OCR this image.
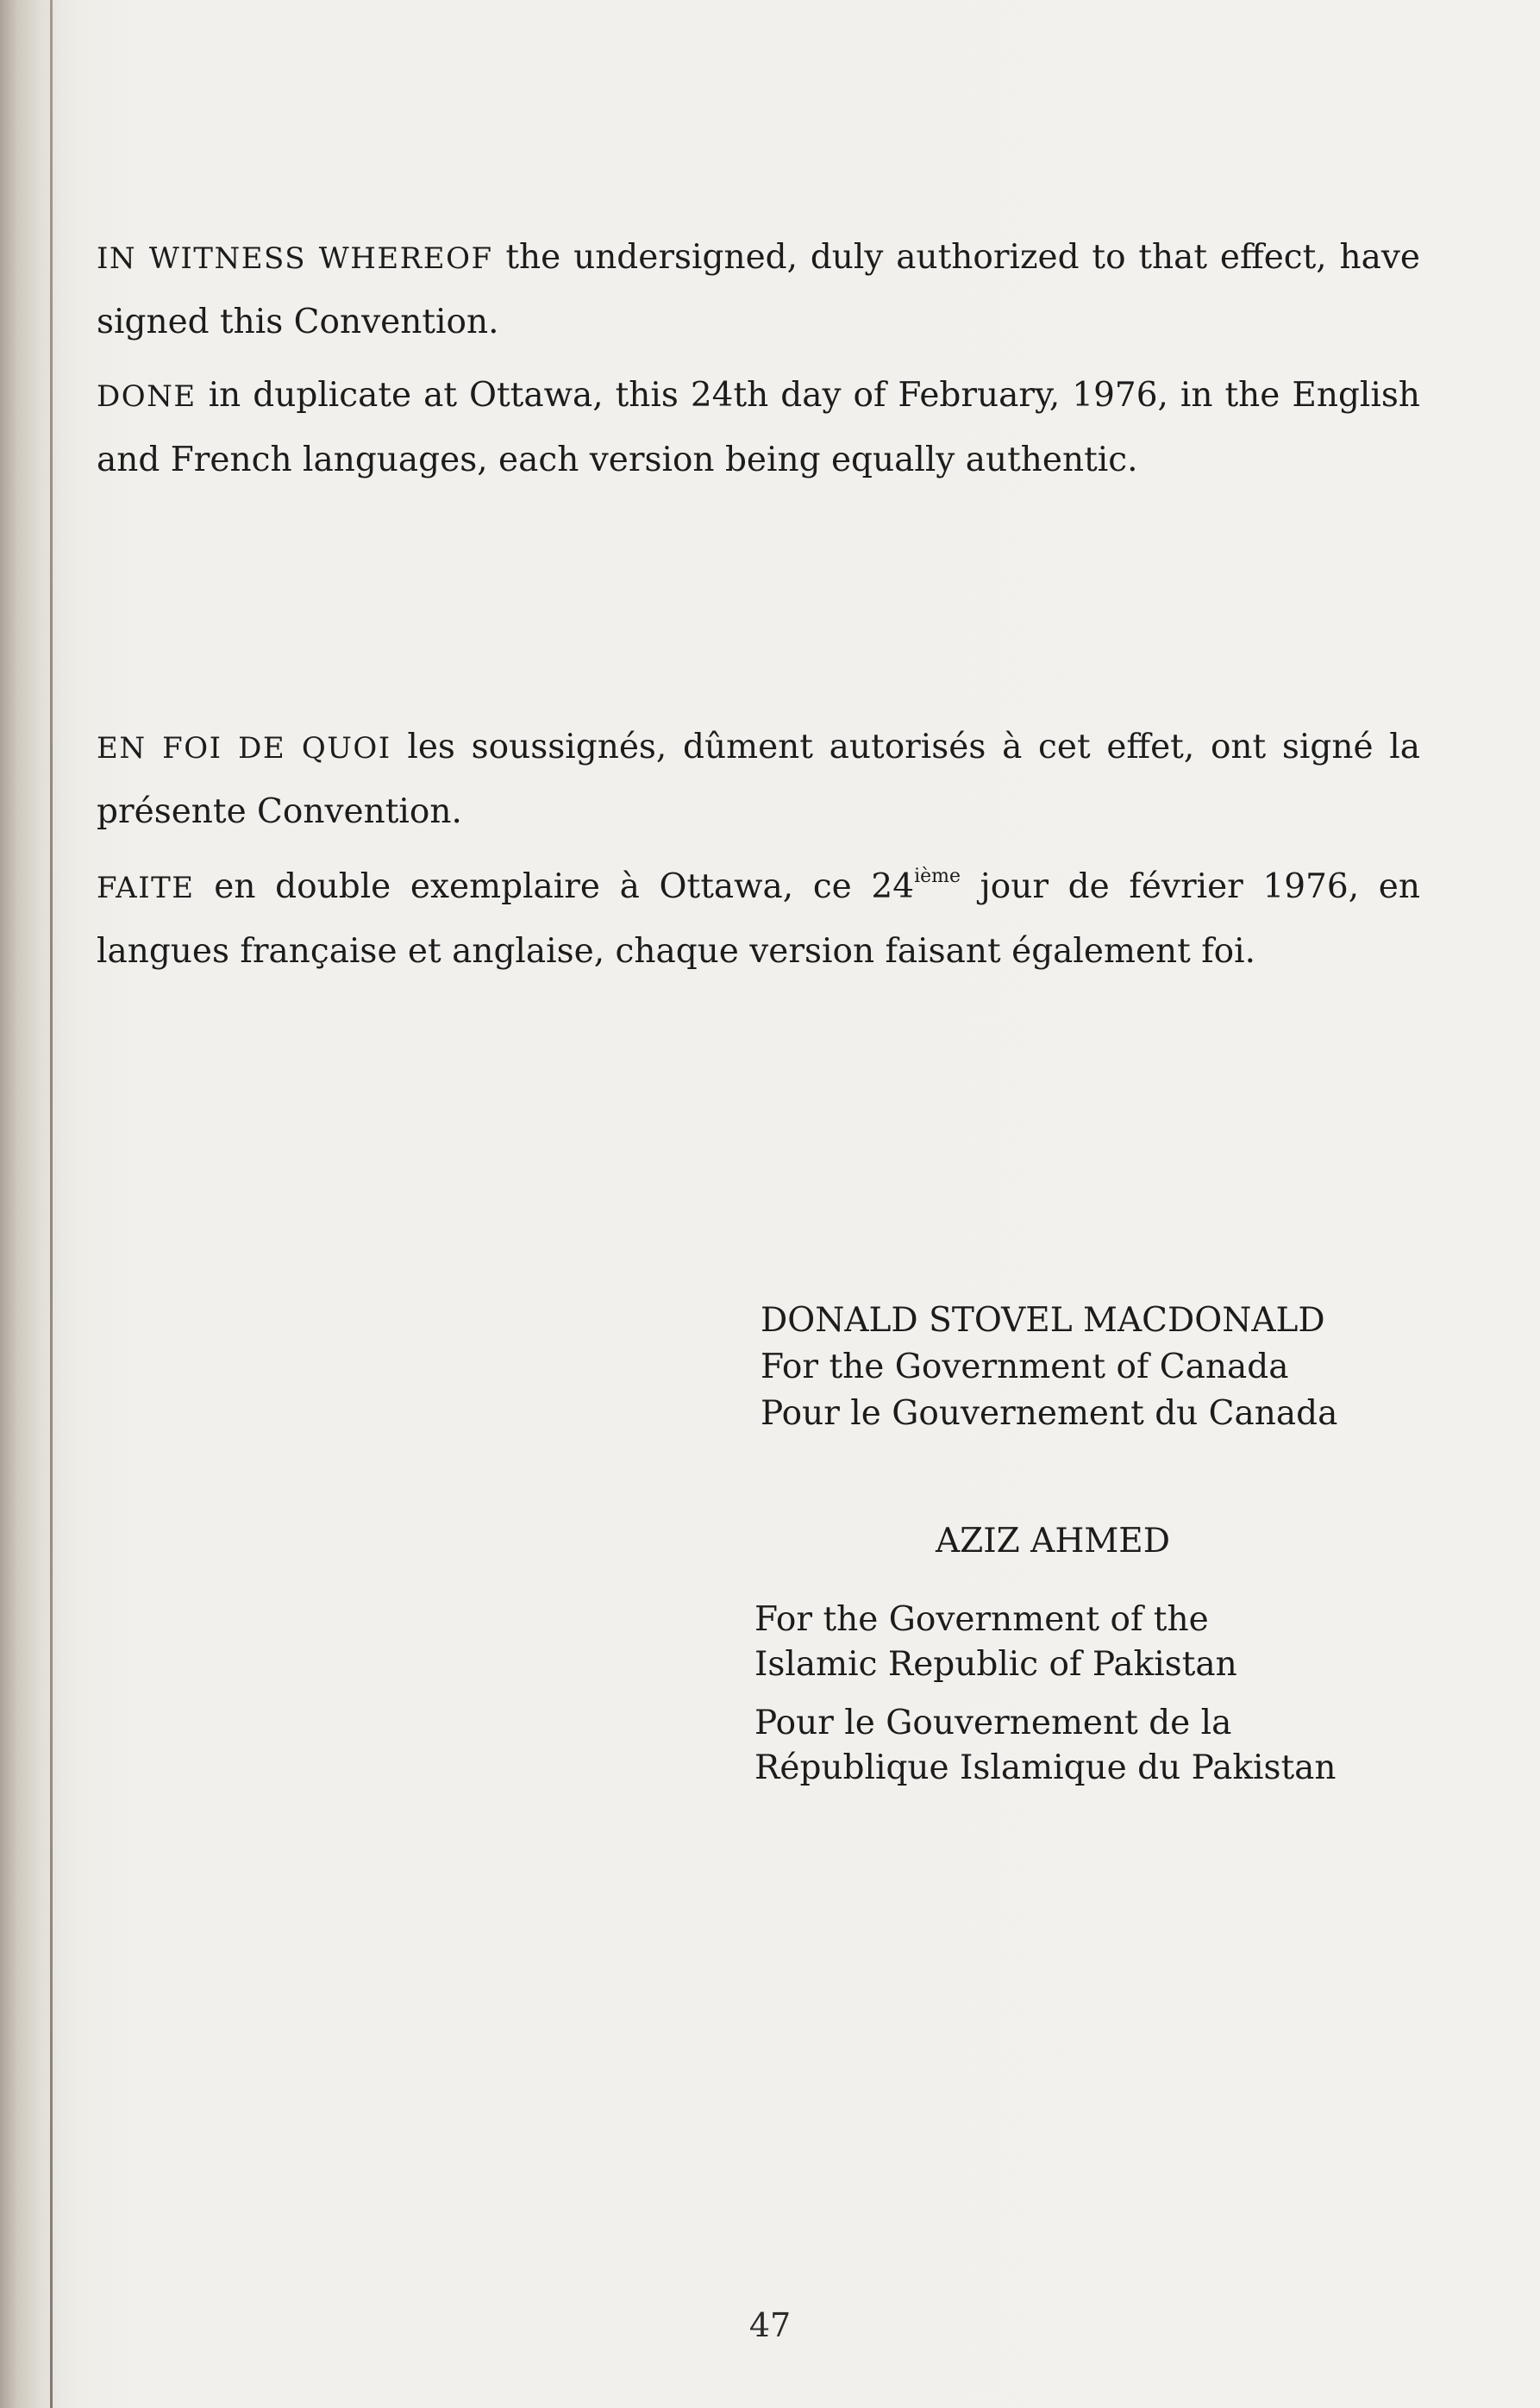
IN WITNESS WHEREOF the undersigned, duly authorized to that effect, have signed this Convention.

DONE in duplicate at Ottawa, this 24th day of February, 1976, in the English and French languages, each version being equally authentic.

EN FOI DE QUOI les soussignés, dûment autorisés à cet effet, ont signé la présente Convention.

FAITE en double exemplaire à Ottawa, ce 24ième jour de février 1976, en langues française et anglaise, chaque version faisant également foi.

DONALD STOVEL MACDONALD
For the Government of Canada
Pour le Gouvernement du Canada
AZIZ AHMED
For the Government of the
Islamic Republic of Pakistan
Pour le Gouvernement de la
République Islamique du Pakistan
47
